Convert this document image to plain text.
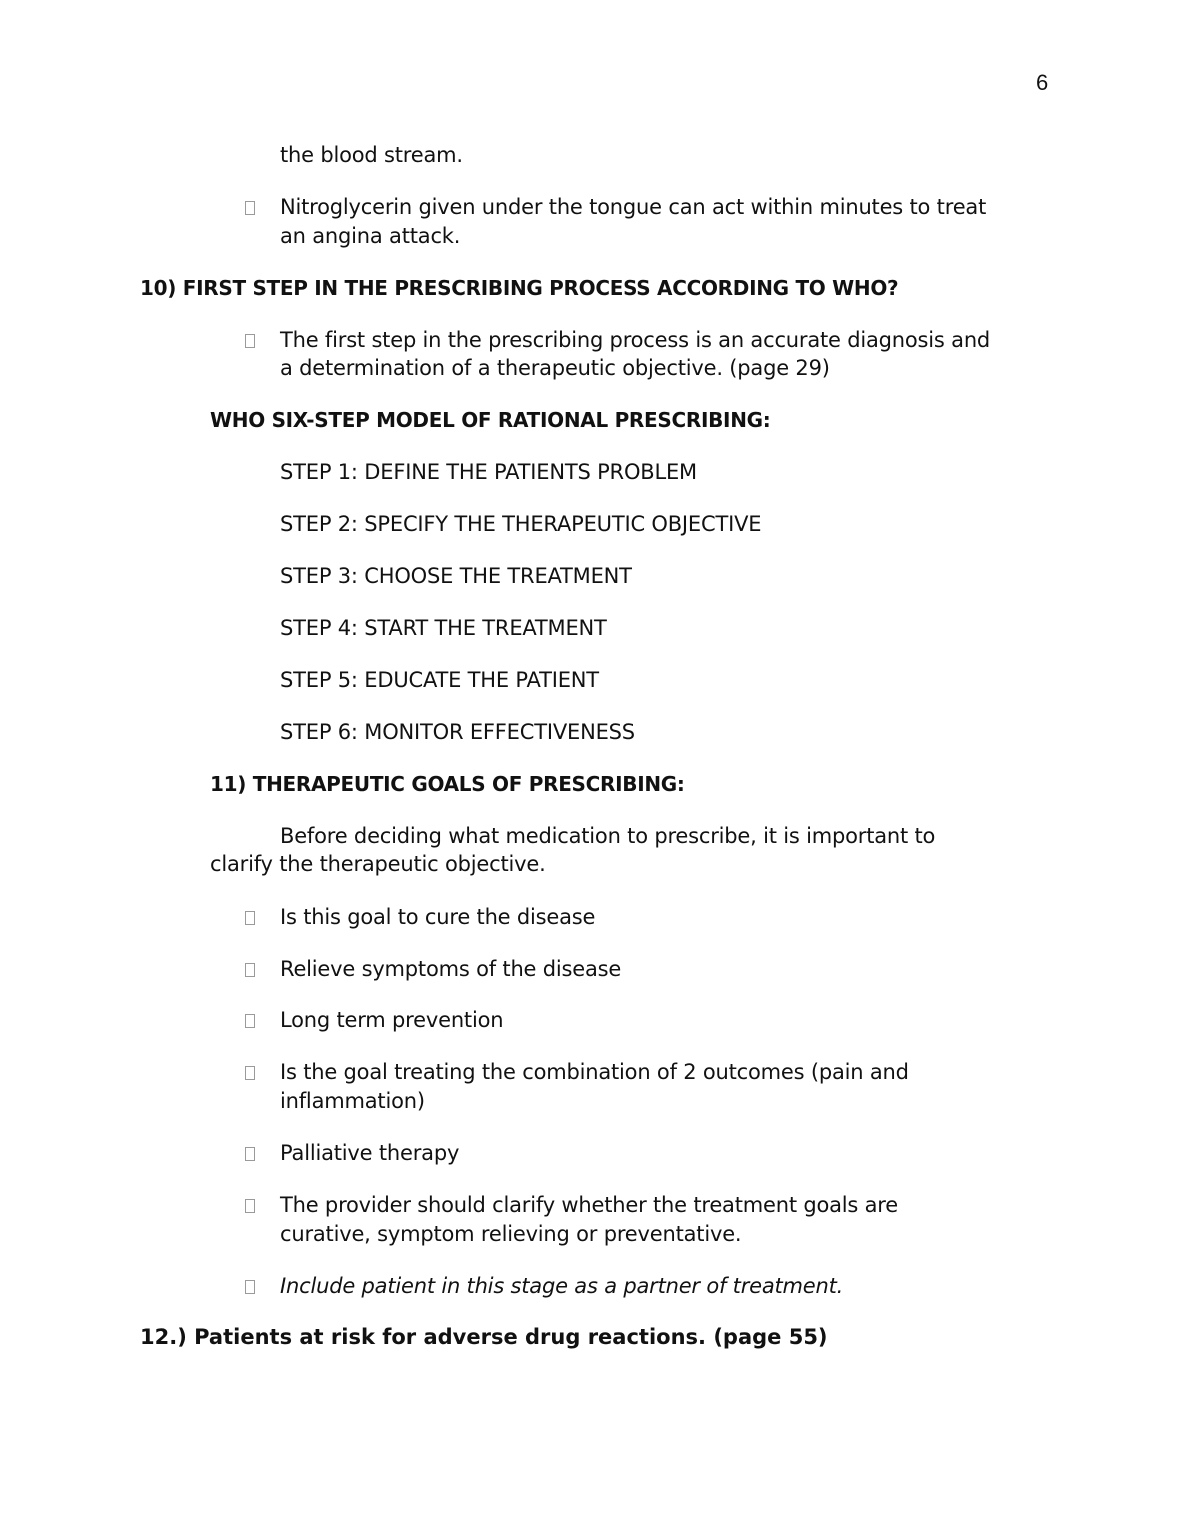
6
the blood stream.
Nitroglycerin given under the tongue can act within minutes to treat
an angina attack.
10) FIRST STEP IN THE PRESCRIBING PROCESS ACCORDING TO WHO?
The first step in the prescribing process is an accurate diagnosis and
a determination of a therapeutic objective. (page 29)
WHO SIX-STEP MODEL OF RATIONAL PRESCRIBING:
STEP 1: DEFINE THE PATIENTS PROBLEM
STEP 2: SPECIFY THE THERAPEUTIC OBJECTIVE
STEP 3: CHOOSE THE TREATMENT
STEP 4: START THE TREATMENT
STEP 5: EDUCATE THE PATIENT
STEP 6: MONITOR EFFECTIVENESS
11) THERAPEUTIC GOALS OF PRESCRIBING:
Before deciding what medication to prescribe, it is important to
clarify the therapeutic objective.
Is this goal to cure the disease
Relieve symptoms of the disease
Long term prevention
Is the goal treating the combination of 2 outcomes (pain and
inflammation)
Palliative therapy
The provider should clarify whether the treatment goals are
curative, symptom relieving or preventative.
Include patient in this stage as a partner of treatment.
12.) Patients at risk for adverse drug reactions. (page 55)
